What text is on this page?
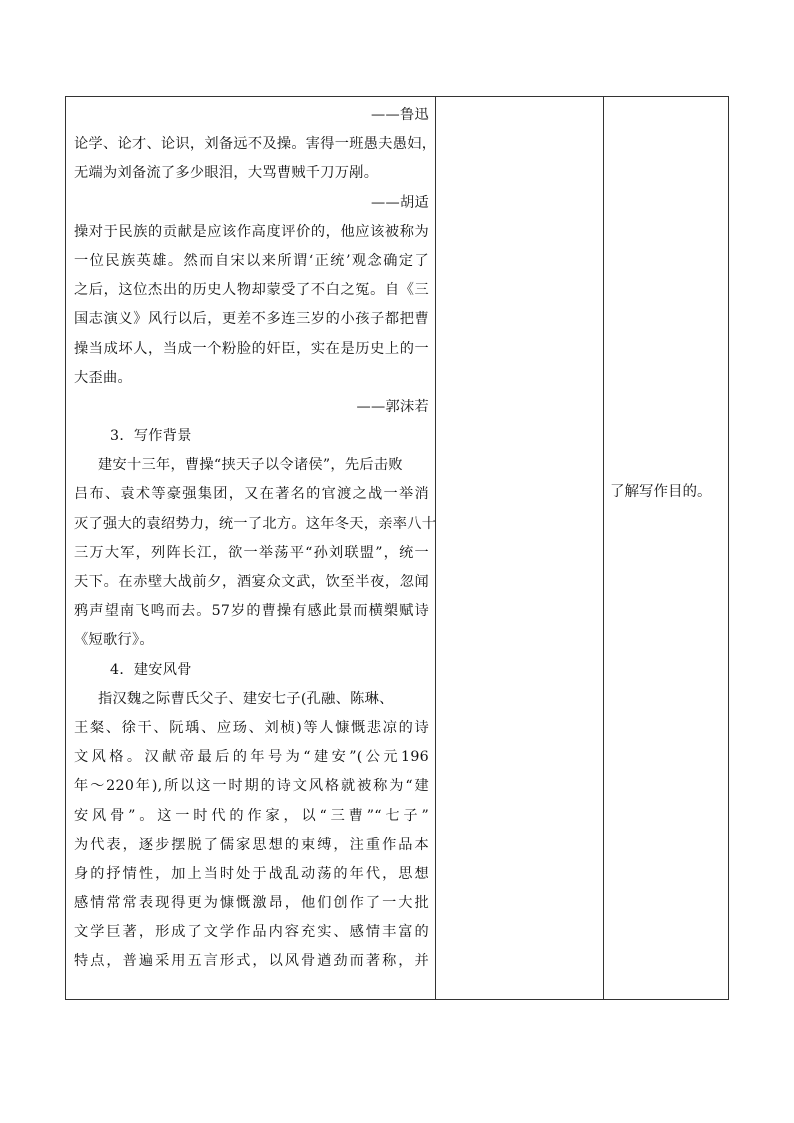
——鲁迅
论学、论才、论识，刘备远不及操。害得一班愚夫愚妇，
无端为刘备流了多少眼泪，大骂曹贼千刀万剐。
——胡适
操对于民族的贡献是应该作高度评价的，他应该被称为
一位民族英雄。然而自宋以来所谓‘正统’观念确定了
之后，这位杰出的历史人物却蒙受了不白之冤。自《三
国志演义》风行以后，更差不多连三岁的小孩子都把曹
操当成坏人，当成一个粉脸的奸臣，实在是历史上的一
大歪曲。
——郭沫若
3．写作背景
建安十三年，曹操“挟天子以令诸侯”，先后击败
吕布、袁术等豪强集团，又在著名的官渡之战一举消
灭了强大的袁绍势力，统一了北方。这年冬天，亲率八十
三万大军，列阵长江，欲一举荡平“孙刘联盟”，统一
天下。在赤壁大战前夕，酒宴众文武，饮至半夜，忽闻
鸦声望南飞鸣而去。57岁的曹操有感此景而横槊赋诗
《短歌行》。
4．建安风骨
指汉魏之际曹氏父子、建安七子(孔融、陈琳、
王粲、徐干、阮瑀、应玚、刘桢)等人慷慨悲凉的诗
文风格。汉献帝最后的年号为“建安”(公元196
年～220年),所以这一时期的诗文风格就被称为“建
安风骨”。这一时代的作家，以“三曹”“七子”
为代表，逐步摆脱了儒家思想的束缚，注重作品本
身的抒情性，加上当时处于战乱动荡的年代，思想
感情常常表现得更为慷慨激昂，他们创作了一大批
文学巨著，形成了文学作品内容充实、感情丰富的
特点，普遍采用五言形式，以风骨遒劲而著称，并
了解写作目的。
